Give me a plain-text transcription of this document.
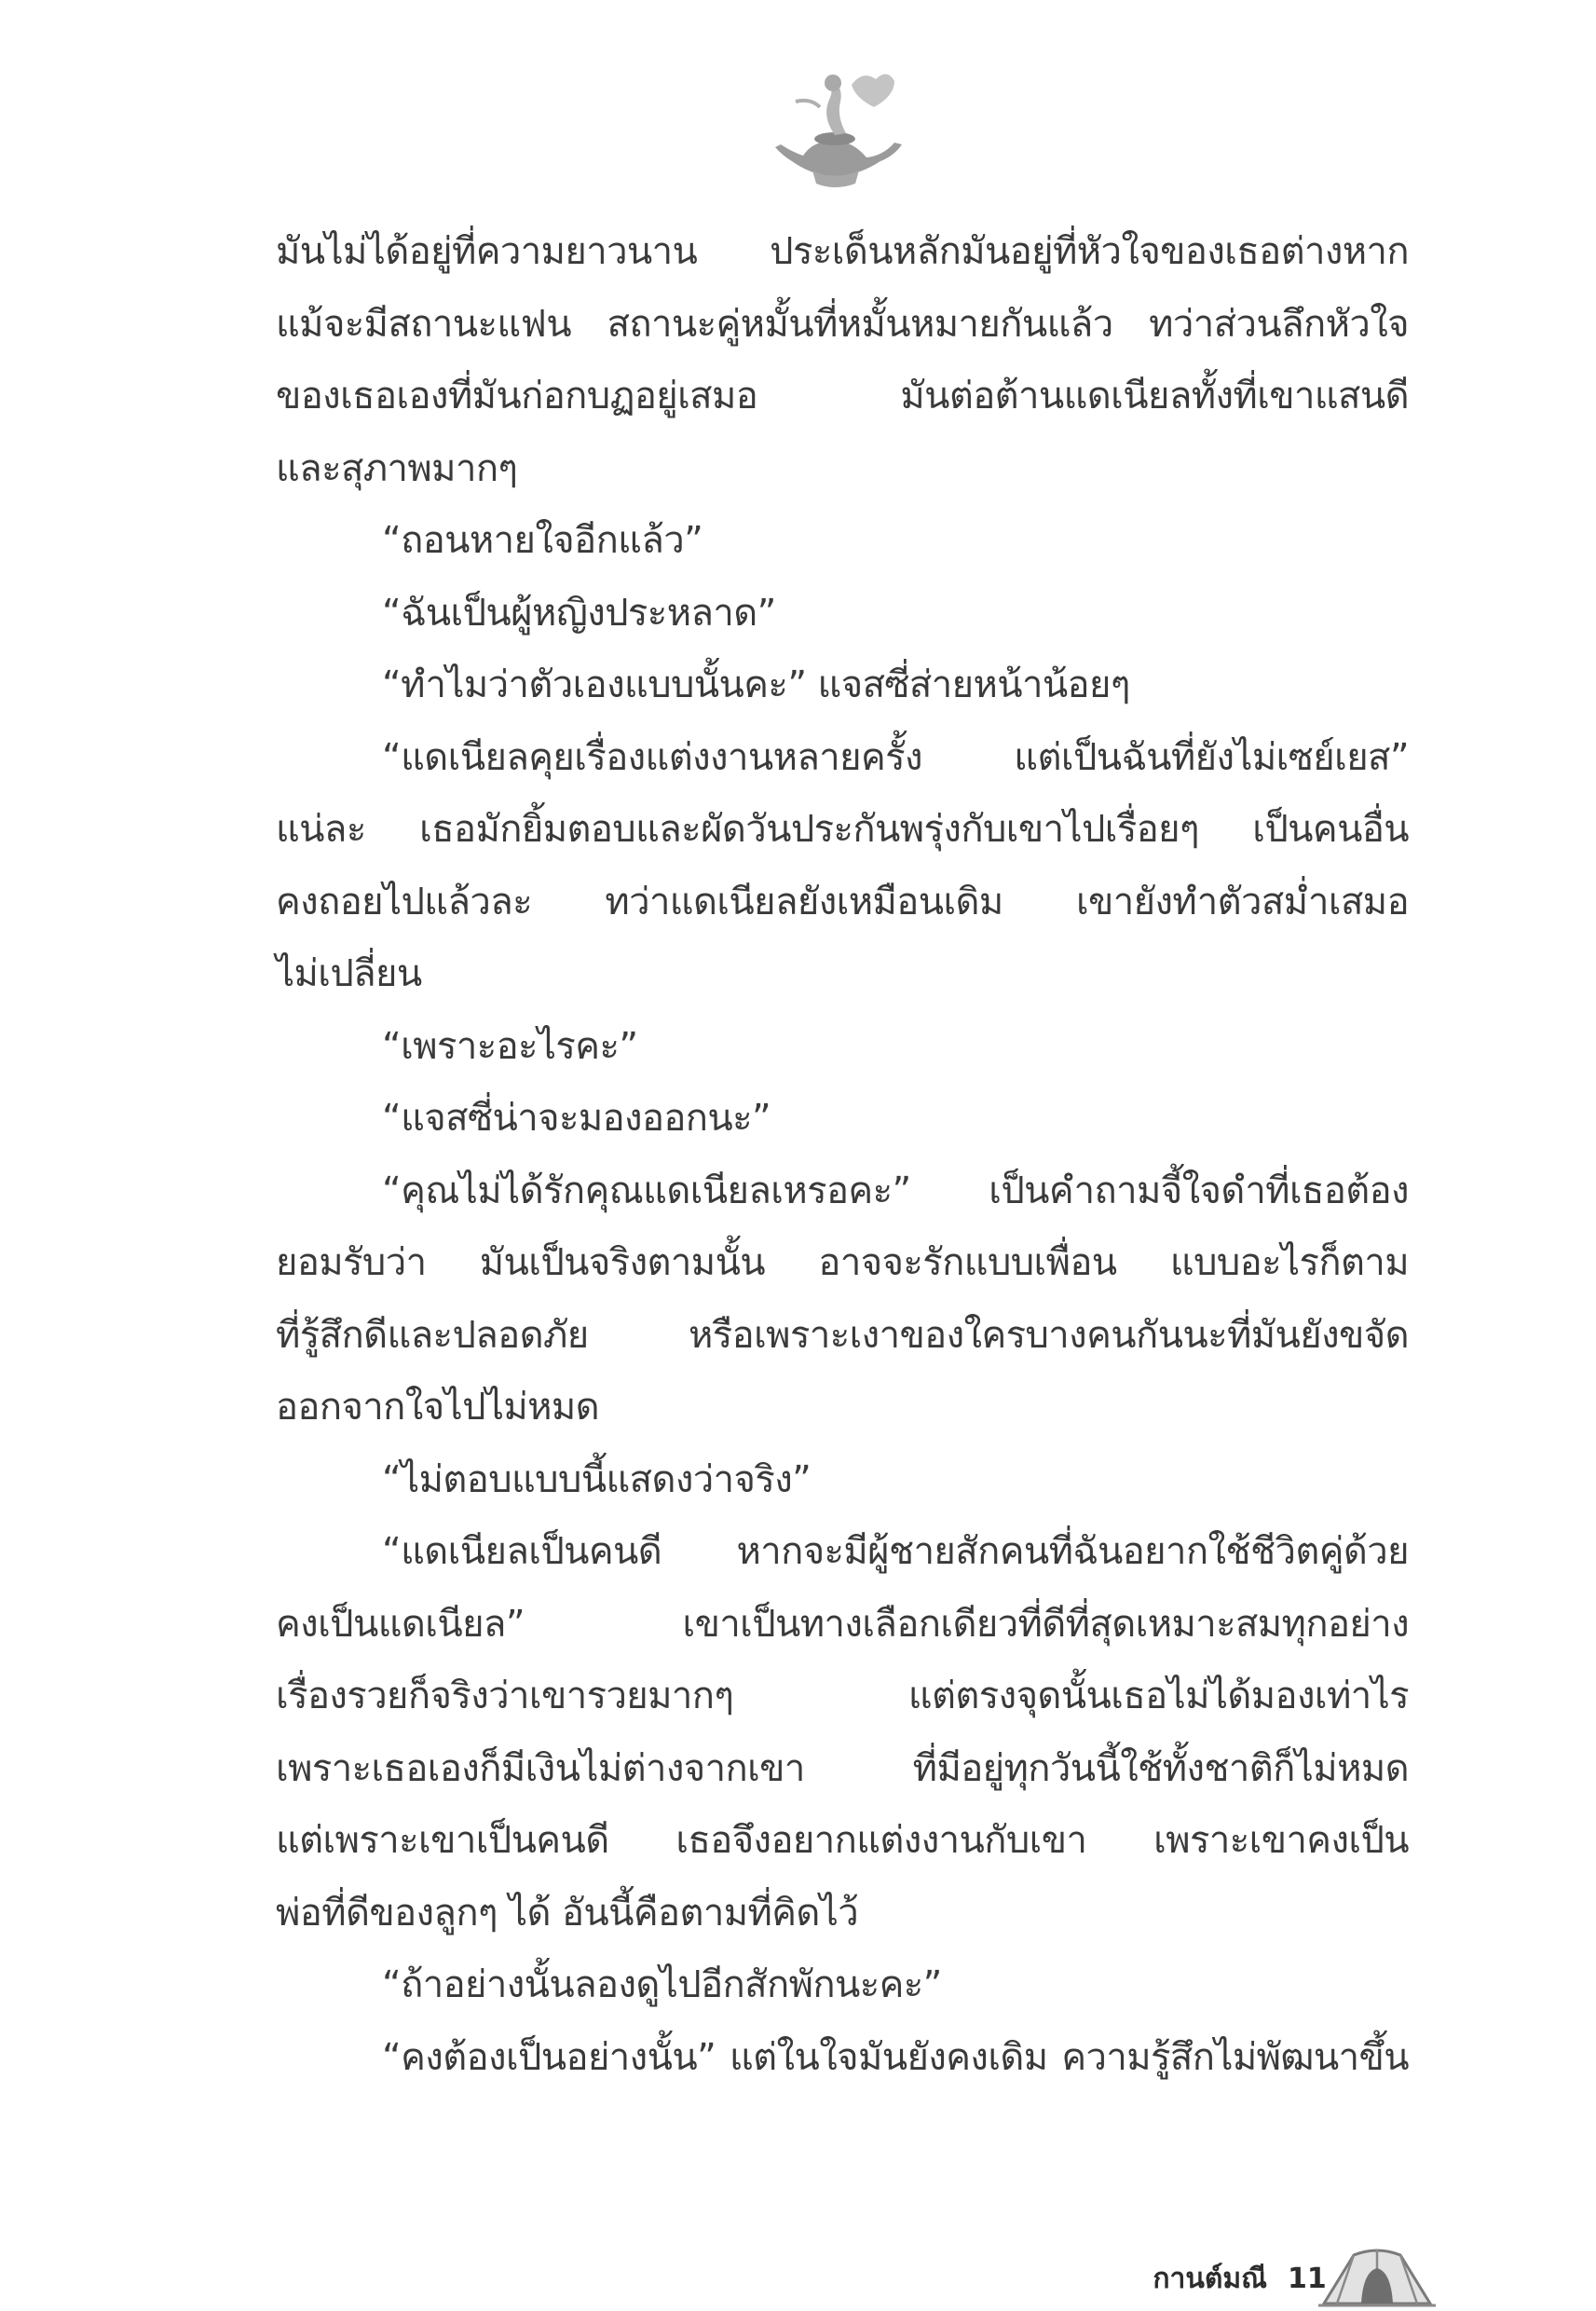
มันไม่ได้อยู่ที่ความยาวนาน ประเด็นหลักมันอยู่ที่หัวใจของเธอต่างหาก
แม้จะมีสถานะแฟน สถานะคู่หมั้นที่หมั้นหมายกันแล้ว ทว่าส่วนลึกหัวใจ
ของเธอเองที่มันก่อกบฏอยู่เสมอ มันต่อต้านแดเนียลทั้งที่เขาแสนดี
และสุภาพมากๆ
“ถอนหายใจอีกแล้ว”
“ฉันเป็นผู้หญิงประหลาด”
“ทำไมว่าตัวเองแบบนั้นคะ” แจสซี่ส่ายหน้าน้อยๆ
“แดเนียลคุยเรื่องแต่งงานหลายครั้ง แต่เป็นฉันที่ยังไม่เซย์เยส”
แน่ละ เธอมักยิ้มตอบและผัดวันประกันพรุ่งกับเขาไปเรื่อยๆ เป็นคนอื่น
คงถอยไปแล้วละ ทว่าแดเนียลยังเหมือนเดิม เขายังทำตัวสม่ำเสมอ
ไม่เปลี่ยน
“เพราะอะไรคะ”
“แจสซี่น่าจะมองออกนะ”
“คุณไม่ได้รักคุณแดเนียลเหรอคะ” เป็นคำถามจี้ใจดำที่เธอต้อง
ยอมรับว่า มันเป็นจริงตามนั้น อาจจะรักแบบเพื่อน แบบอะไรก็ตาม
ที่รู้สึกดีและปลอดภัย หรือเพราะเงาของใครบางคนกันนะที่มันยังขจัด
ออกจากใจไปไม่หมด
“ไม่ตอบแบบนี้แสดงว่าจริง”
“แดเนียลเป็นคนดี หากจะมีผู้ชายสักคนที่ฉันอยากใช้ชีวิตคู่ด้วย
คงเป็นแดเนียล” เขาเป็นทางเลือกเดียวที่ดีที่สุดเหมาะสมทุกอย่าง
เรื่องรวยก็จริงว่าเขารวยมากๆ แต่ตรงจุดนั้นเธอไม่ได้มองเท่าไร
เพราะเธอเองก็มีเงินไม่ต่างจากเขา ที่มีอยู่ทุกวันนี้ใช้ทั้งชาติก็ไม่หมด
แต่เพราะเขาเป็นคนดี เธอจึงอยากแต่งงานกับเขา เพราะเขาคงเป็น
พ่อที่ดีของลูกๆ ได้ อันนี้คือตามที่คิดไว้
“ถ้าอย่างนั้นลองดูไปอีกสักพักนะคะ”
“คงต้องเป็นอย่างนั้น” แต่ในใจมันยังคงเดิม ความรู้สึกไม่พัฒนาขึ้น
กานต์มณี 11
